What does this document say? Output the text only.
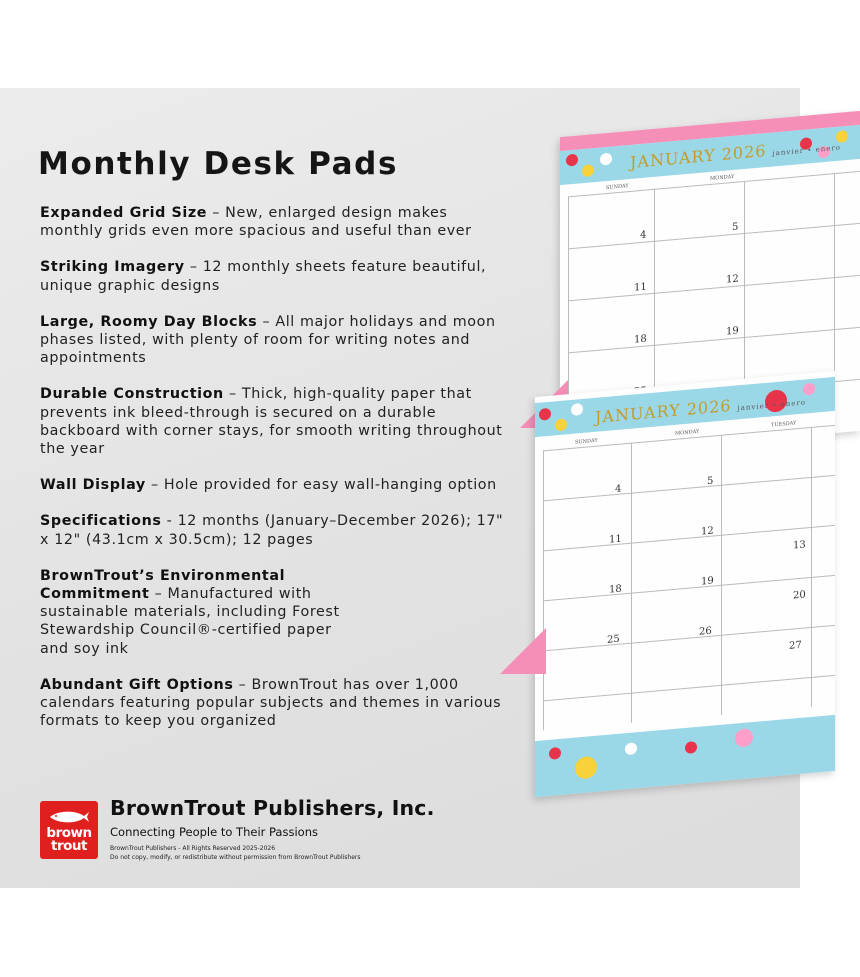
Monthly Desk Pads
Expanded Grid Size – New, enlarged design makes monthly grids even more spacious and useful than ever
Striking Imagery – 12 monthly sheets feature beautiful, unique graphic designs
Large, Roomy Day Blocks – All major holidays and moon phases listed, with plenty of room for writing notes and appointments
Durable Construction – Thick, high-quality paper that prevents ink bleed-through is secured on a durable backboard with corner stays, for smooth writing throughout the year
Wall Display – Hole provided for easy wall-hanging option
Specifications - 12 months (January–December 2026); 17" x 12" (43.1cm x 30.5cm); 12 pages
BrownTrout’s Environmental Commitment – Manufactured with sustainable materials, including Forest Stewardship Council®-certified paper and soy ink
Abundant Gift Options – BrownTrout has over 1,000 calendars featuring popular subjects and themes in various formats to keep you organized
JANUARY 2026 janvier • enero
SUNDAY
MONDAY
4
5
11
12
18
19
JANUARY 2026 janvier • enero
SUNDAY
MONDAY
TUESDAY
4
5
11
12
18
19
13
20
25
26
27
brown
trout
BrownTrout Publishers, Inc.
Connecting People to Their Passions
BrownTrout Publishers - All Rights Reserved 2025-2026
Do not copy, modify, or redistribute without permission from BrownTrout Publishers
